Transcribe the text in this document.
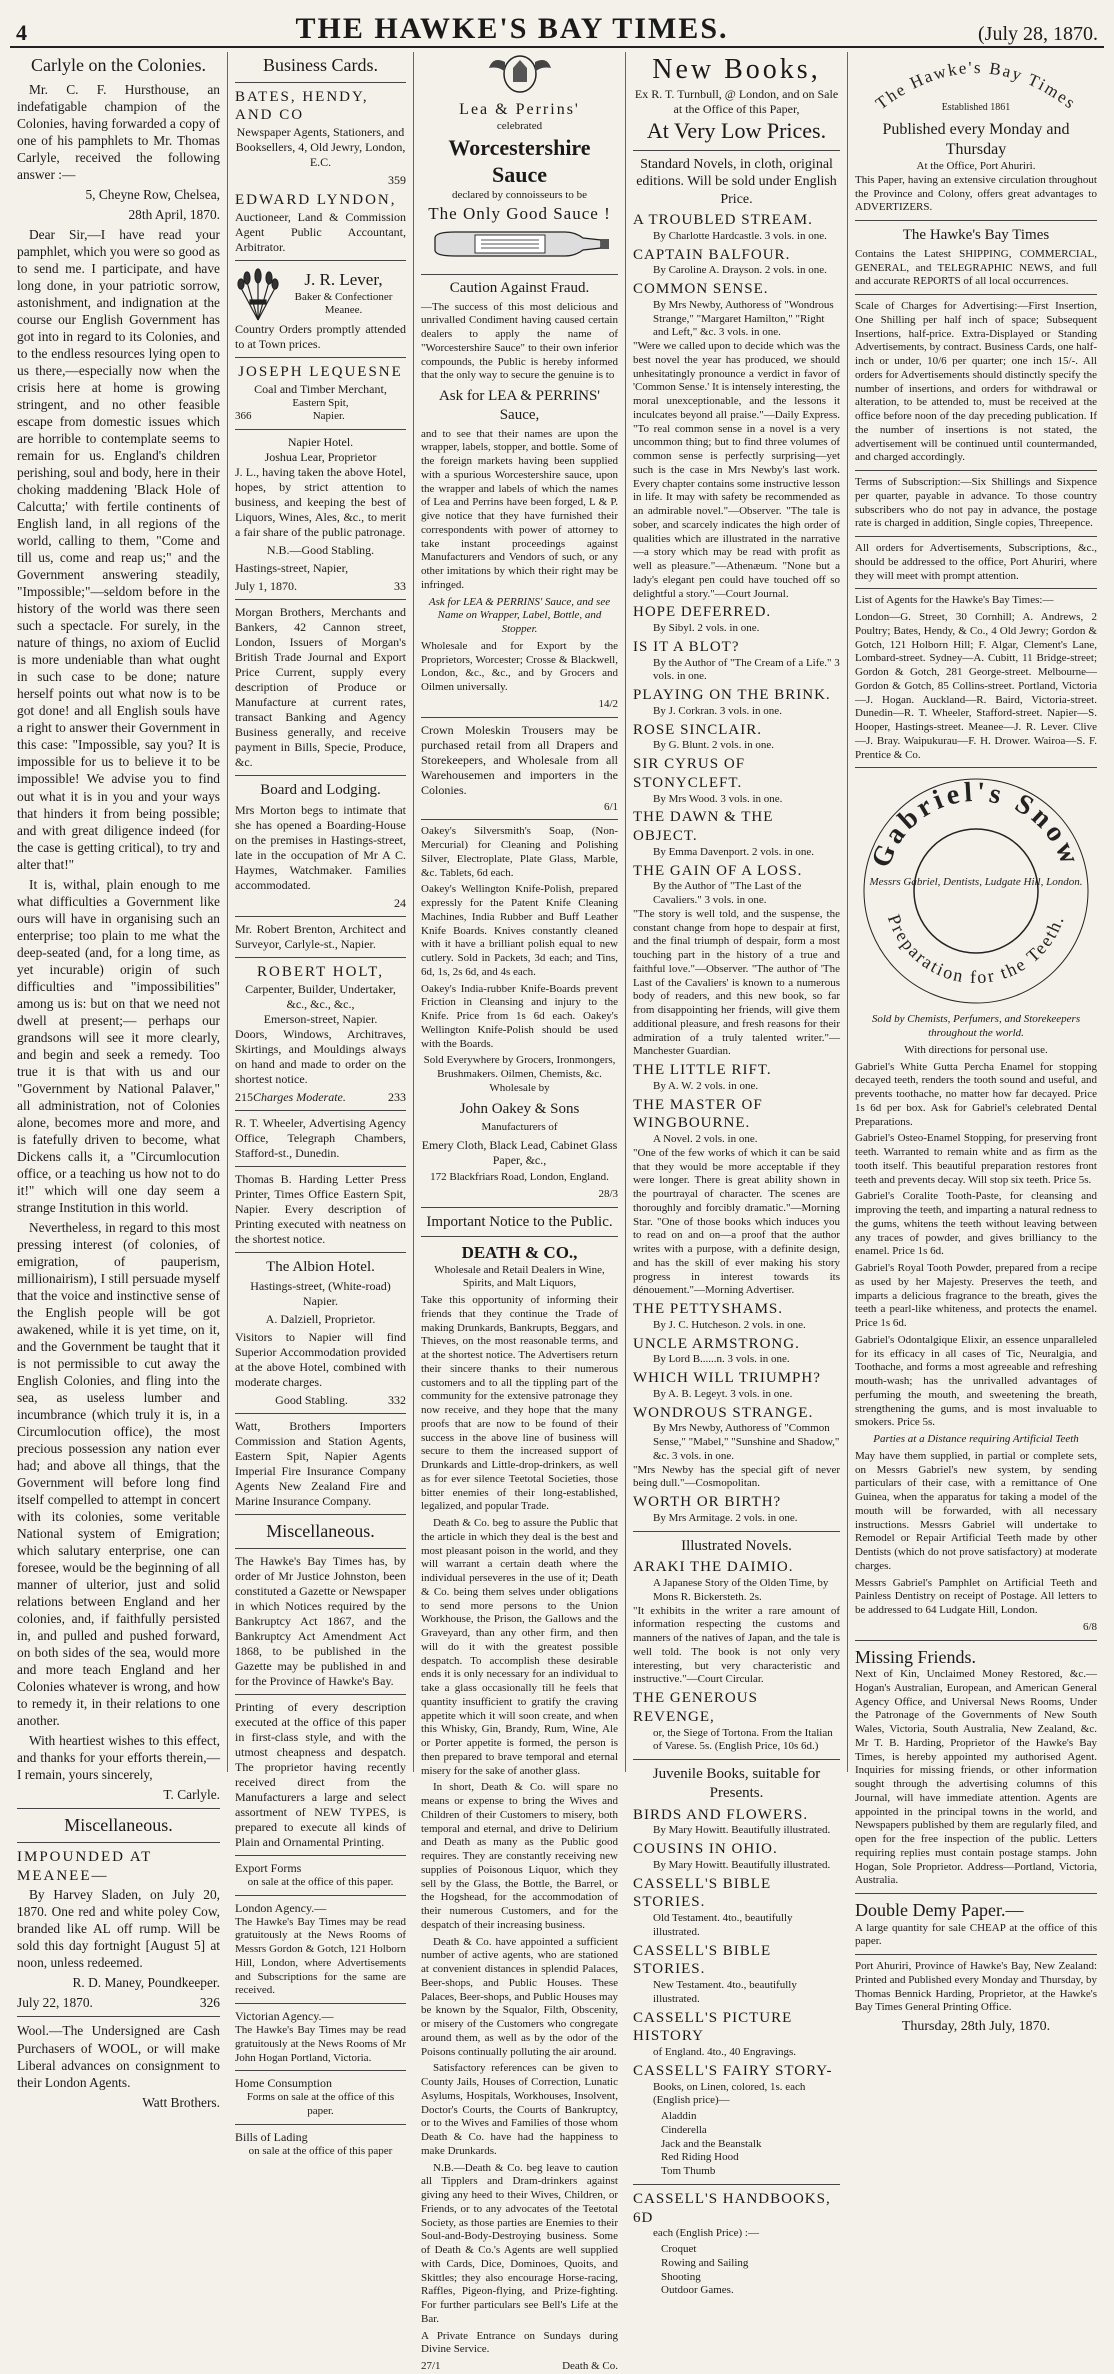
4	THE HAWKE'S BAY TIMES.	(July 28, 1870.
Carlyle on the Colonies.

Mr. C. F. Hursthouse, an indefatigable champion of the Colonies, having forwarded a copy of one of his pamphlets to Mr. Thomas Carlyle, received the following answer :—

5, Cheyne Row, Chelsea,

28th April, 1870.

Dear Sir,—I have read your pamphlet, which you were so good as to send me. I participate, and have long done, in your patriotic sorrow, astonishment, and indignation at the course our English Government has got into in regard to its Colonies, and to the endless resources lying open to us there,—especially now when the crisis here at home is growing stringent, and no other feasible escape from domestic issues which are horrible to contemplate seems to remain for us. England's children perishing, soul and body, here in their choking maddening 'Black Hole of Calcutta;' with fertile continents of English land, in all regions of the world, calling to them, "Come and till us, come and reap us;" and the Government answering steadily, "Impossible;"—seldom before in the history of the world was there seen such a spectacle. For surely, in the nature of things, no axiom of Euclid is more undeniable than what ought in such case to be done; nature herself points out what now is to be got done! and all English souls have a right to answer their Government in this case: "Impossible, say you? It is impossible for us to believe it to be impossible! We advise you to find out what it is in you and your ways that hinders it from being possible; and with great diligence indeed (for the case is getting critical), to try and alter that!"

It is, withal, plain enough to me what difficulties a Government like ours will have in organising such an enterprise; too plain to me what the deep-seated (and, for a long time, as yet incurable) origin of such difficulties and "impossibilities" among us is: but on that we need not dwell at present;— perhaps our grandsons will see it more clearly, and begin and seek a remedy. Too true it is that with us and our "Government by National Palaver," all administration, not of Colonies alone, becomes more and more, and is fatefully driven to become, what Dickens calls it, a "Circumlocution office, or a teaching us how not to do it!" which will one day seem a strange Institution in this world.

Nevertheless, in regard to this most pressing interest (of colonies, of emigration, of pauperism, millionairism), I still persuade myself that the voice and instinctive sense of the English people will be got awakened, while it is yet time, on it, and the Government be taught that it is not permissible to cut away the English Colonies, and fling into the sea, as useless lumber and incumbrance (which truly it is, in a Circumlocution office), the most precious possession any nation ever had; and above all things, that the Government will before long find itself compelled to attempt in concert with its colonies, some veritable National system of Emigration; which salutary enterprise, one can foresee, would be the beginning of all manner of ulterior, just and solid relations between England and her colonies, and, if faithfully persisted in, and pulled and pushed forward, on both sides of the sea, would more and more teach England and her Colonies whatever is wrong, and how to remedy it, in their relations to one another.

With heartiest wishes to this effect, and thanks for your efforts therein,—I remain, yours sincerely,

T. Carlyle.

Miscellaneous.
IMPOUNDED AT MEANEE—

By Harvey Sladen, on July 20, 1870. One red and white poley Cow, branded like AL off rump. Will be sold this day fortnight [August 5] at noon, unless redeemed.

R. D. Maney, Poundkeeper.

July 22, 1870.	326

Wool.—The Undersigned are Cash Purchasers of WOOL, or will make Liberal advances on consignment to their London Agents.

Watt Brothers.

Business Cards.
BATES, HENDY, AND CO

Newspaper Agents, Stationers, and Booksellers, 4, Old Jewry, London, E.C.

359

EDWARD LYNDON,

Auctioneer, Land & Commission Agent Public Accountant, Arbitrator.

J. R. Lever,
Baker & Confectioner
Meanee.

Country Orders promptly attended to at Town prices.

JOSEPH LEQUESNE
Coal and Timber Merchant,
Eastern Spit,
366	Napier.
Napier Hotel.
Joshua Lear, Proprietor

J. L., having taken the above Hotel, hopes, by strict attention to business, and keeping the best of Liquors, Wines, Ales, &c., to merit a fair share of the public patronage.

N.B.—Good Stabling.

Hastings-street, Napier,

July 1, 1870.	33

Morgan Brothers, Merchants and Bankers, 42 Cannon street, London, Issuers of Morgan's British Trade Journal and Export Price Current, supply every description of Produce or Manufacture at current rates, transact Banking and Agency Business generally, and receive payment in Bills, Specie, Produce, &c.

Board and Lodging.

Mrs Morton begs to intimate that she has opened a Boarding-House on the premises in Hastings-street, late in the occupation of Mr A C. Haymes, Watchmaker. Families accommodated.

24

Mr. Robert Brenton, Architect and Surveyor, Carlyle-st., Napier.

ROBERT HOLT,
Carpenter, Builder, Undertaker, &c., &c., &c.,
Emerson-street, Napier.

Doors, Windows, Architraves, Skirtings, and Mouldings always on hand and made to order on the shortest notice.

215 Charges Moderate.	233

R. T. Wheeler, Advertising Agency Office, Telegraph Chambers, Stafford-st., Dunedin.

Thomas B. Harding Letter Press Printer, Times Office Eastern Spit, Napier. Every description of Printing executed with neatness on the shortest notice.

The Albion Hotel.

Hastings-street, (White-road) Napier.

A. Dalziell, Proprietor.

Visitors to Napier will find Superior Accommodation provided at the above Hotel, combined with moderate charges.

Good Stabling.	332

Watt, Brothers Importers Commission and Station Agents, Eastern Spit, Napier Agents Imperial Fire Insurance Company Agents New Zealand Fire and Marine Insurance Company.

Miscellaneous.

The Hawke's Bay Times has, by order of Mr Justice Johnston, been constituted a Gazette or Newspaper in which Notices required by the Bankruptcy Act 1867, and the Bankruptcy Act Amendment Act 1868, to be published in the Gazette may be published in and for the Province of Hawke's Bay.

Printing of every description executed at the office of this paper in first-class style, and with the utmost cheapness and despatch. The proprietor having recently received direct from the Manufacturers a large and select assortment of NEW TYPES, is prepared to execute all kinds of Plain and Ornamental Printing.

Export Forms

on sale at the office of this paper.

London Agency.—

The Hawke's Bay Times may be read gratuitously at the News Rooms of Messrs Gordon & Gotch, 121 Holborn Hill, London, where Advertisements and Subscriptions for the same are received.

Victorian Agency.—

The Hawke's Bay Times may be read gratuitously at the News Rooms of Mr John Hogan Portland, Victoria.

Home Consumption

Forms on sale at the office of this paper.

Bills of Lading

on sale at the office of this paper

Lea & Perrins'
celebrated
Worcestershire Sauce
declared by connoisseurs to be
The Only Good Sauce !
Caution Against Fraud.

—The success of this most delicious and unrivalled Condiment having caused certain dealers to apply the name of "Worcestershire Sauce" to their own inferior compounds, the Public is hereby informed that the only way to secure the genuine is to

Ask for LEA & PERRINS' Sauce,

and to see that their names are upon the wrapper, labels, stopper, and bottle. Some of the foreign markets having been supplied with a spurious Worcestershire sauce, upon the wrapper and labels of which the names of Lea and Perrins have been forged, L & P. give notice that they have furnished their correspondents with power of attorney to take instant proceedings against Manufacturers and Vendors of such, or any other imitations by which their right may be infringed.

Ask for LEA & PERRINS' Sauce, and see Name on Wrapper, Label, Bottle, and Stopper.

Wholesale and for Export by the Proprietors, Worcester; Crosse & Blackwell, London, &c., &c., and by Grocers and Oilmen universally.

14/2

Crown Moleskin Trousers may be purchased retail from all Drapers and Storekeepers, and Wholesale from all Warehousemen and importers in the Colonies.

6/1

Oakey's Silversmith's Soap, (Non-Mercurial) for Cleaning and Polishing Silver, Electroplate, Plate Glass, Marble, &c. Tablets, 6d each.

Oakey's Wellington Knife-Polish, prepared expressly for the Patent Knife Cleaning Machines, India Rubber and Buff Leather Knife Boards. Knives constantly cleaned with it have a brilliant polish equal to new cutlery. Sold in Packets, 3d each; and Tins, 6d, 1s, 2s 6d, and 4s each.

Oakey's India-rubber Knife-Boards prevent Friction in Cleansing and injury to the Knife. Price from 1s 6d each. Oakey's Wellington Knife-Polish should be used with the Boards.

Sold Everywhere by Grocers, Ironmongers, Brushmakers. Oilmen, Chemists, &c. Wholesale by

John Oakey & Sons

Manufacturers of

Emery Cloth, Black Lead, Cabinet Glass Paper, &c.,

172 Blackfriars Road, London, England.

28/3

Important Notice to the Public.
DEATH & CO.,

Wholesale and Retail Dealers in Wine, Spirits, and Malt Liquors,

Take this opportunity of informing their friends that they continue the Trade of making Drunkards, Bankrupts, Beggars, and Thieves, on the most reasonable terms, and at the shortest notice. The Advertisers return their sincere thanks to their numerous customers and to all the tippling part of the community for the extensive patronage they now receive, and they hope that the many proofs that are now to be found of their success in the above line of business will secure to them the increased support of Drunkards and Little-drop-drinkers, as well as for ever silence Teetotal Societies, those bitter enemies of their long-established, legalized, and popular Trade.

Death & Co. beg to assure the Public that the article in which they deal is the best and most pleasant poison in the world, and they will warrant a certain death where the individual perseveres in the use of it; Death & Co. being them selves under obligations to send more persons to the Union Workhouse, the Prison, the Gallows and the Graveyard, than any other firm, and then will do it with the greatest possible despatch. To accomplish these desirable ends it is only necessary for an individual to take a glass occasionally till he feels that quantity insufficient to gratify the craving appetite which it will soon create, and when this Whisky, Gin, Brandy, Rum, Wine, Ale or Porter appetite is formed, the person is then prepared to brave temporal and eternal misery for the sake of another glass.

In short, Death & Co. will spare no means or expense to bring the Wives and Children of their Customers to misery, both temporal and eternal, and drive to Delirium and Death as many as the Public good requires. They are constantly receiving new supplies of Poisonous Liquor, which they sell by the Glass, the Bottle, the Barrel, or the Hogshead, for the accommodation of their numerous Customers, and for the despatch of their increasing business.

Death & Co. have appointed a sufficient number of active agents, who are stationed at convenient distances in splendid Palaces, Beer-shops, and Public Houses. These Palaces, Beer-shops, and Public Houses may be known by the Squalor, Filth, Obscenity, or misery of the Customers who congregate around them, as well as by the odor of the Poisons continually polluting the air around.

Satisfactory references can be given to County Jails, Houses of Correction, Lunatic Asylums, Hospitals, Workhouses, Insolvent, Doctor's Courts, the Courts of Bankruptcy, or to the Wives and Families of those whom Death & Co. have had the happiness to make Drunkards.

N.B.—Death & Co. beg leave to caution all Tipplers and Dram-drinkers against giving any heed to their Wives, Children, or Friends, or to any advocates of the Teetotal Society, as those parties are Enemies to their Soul-and-Body-Destroying business. Some of Death & Co.'s Agents are well supplied with Cards, Dice, Dominoes, Quoits, and Skittles; they also encourage Horse-racing, Raffles, Pigeon-flying, and Prize-fighting. For further particulars see Bell's Life at the Bar.

A Private Entrance on Sundays during Divine Service.

27/1	Death & Co.

New Books,
Ex R. T. Turnbull, @ London, and on Sale at the Office of this Paper,
At Very Low Prices.

Standard Novels, in cloth, original editions. Will be sold under English Price.

A TROUBLED STREAM.
By Charlotte Hardcastle. 3 vols. in one.
CAPTAIN BALFOUR.
By Caroline A. Drayson. 2 vols. in one.
COMMON SENSE.
By Mrs Newby, Authoress of "Wondrous Strange," "Margaret Hamilton," "Right and Left," &c. 3 vols. in one.
"Were we called upon to decide which was the best novel the year has produced, we should unhesitatingly pronounce a verdict in favor of 'Common Sense.' It is intensely interesting, the moral unexceptionable, and the lessons it inculcates beyond all praise."—Daily Express. "To real common sense in a novel is a very uncommon thing; but to find three volumes of common sense is perfectly surprising—yet such is the case in Mrs Newby's last work. Every chapter contains some instructive lesson in life. It may with safety be recommended as an admirable novel."—Observer. "The tale is sober, and scarcely indicates the high order of qualities which are illustrated in the narrative—a story which may be read with profit as well as pleasure."—Athenæum. "None but a lady's elegant pen could have touched off so delightful a story."—Court Journal.
HOPE DEFERRED.
By Sibyl. 2 vols. in one.
IS IT A BLOT?
By the Author of "The Cream of a Life." 3 vols. in one.
PLAYING ON THE BRINK.
By J. Corkran. 3 vols. in one.
ROSE SINCLAIR.
By G. Blunt. 2 vols. in one.
SIR CYRUS OF STONYCLEFT.
By Mrs Wood. 3 vols. in one.
THE DAWN & THE OBJECT.
By Emma Davenport. 2 vols. in one.
THE GAIN OF A LOSS.
By the Author of "The Last of the Cavaliers." 3 vols. in one.
"The story is well told, and the suspense, the constant change from hope to despair at first, and the final triumph of despair, form a most touching part in the history of a true and faithful love."—Observer. "The author of 'The Last of the Cavaliers' is known to a numerous body of readers, and this new book, so far from disappointing her friends, will give them additional pleasure, and fresh reasons for their admiration of a truly talented writer."—Manchester Guardian.
THE LITTLE RIFT.
By A. W. 2 vols. in one.
THE MASTER OF WINGBOURNE.
A Novel. 2 vols. in one.
"One of the few works of which it can be said that they would be more acceptable if they were longer. There is great ability shown in the pourtrayal of character. The scenes are thoroughly and forcibly dramatic."—Morning Star. "One of those books which induces you to read on and on—a proof that the author writes with a purpose, with a definite design, and has the skill of ever making his story progress in interest towards its dénouement."—Morning Advertiser.
THE PETTYSHAMS.
By J. C. Hutcheson. 2 vols. in one.
UNCLE ARMSTRONG.
By Lord B......n. 3 vols. in one.
WHICH WILL TRIUMPH?
By A. B. Legeyt. 3 vols. in one.
WONDROUS STRANGE.
By Mrs Newby, Authoress of "Common Sense," "Mabel," "Sunshine and Shadow," &c. 3 vols. in one.
"Mrs Newby has the special gift of never being dull."—Cosmopolitan.
WORTH OR BIRTH?
By Mrs Armitage. 2 vols. in one.
Illustrated Novels.
ARAKI THE DAIMIO.
A Japanese Story of the Olden Time, by Mons R. Bickersteth. 2s.
"It exhibits in the writer a rare amount of information respecting the customs and manners of the natives of Japan, and the tale is well told. The book is not only very interesting, but very characteristic and instructive."—Court Circular.
THE GENEROUS REVENGE,
or, the Siege of Tortona. From the Italian of Varese. 5s. (English Price, 10s 6d.)
Juvenile Books, suitable for Presents.
BIRDS AND FLOWERS.
By Mary Howitt. Beautifully illustrated.
COUSINS IN OHIO.
By Mary Howitt. Beautifully illustrated.
CASSELL'S BIBLE STORIES.
Old Testament. 4to., beautifully illustrated.
CASSELL'S BIBLE STORIES.
New Testament. 4to., beautifully illustrated.
CASSELL'S PICTURE HISTORY
of England. 4to., 40 Engravings.
CASSELL'S FAIRY STORY-
Books, on Linen, colored, 1s. each (English price)—
Aladdin
Cinderella
Jack and the Beanstalk
Red Riding Hood
Tom Thumb
CASSELL'S HANDBOOKS, 6D
each (English Price) :—
Croquet
Rowing and Sailing
Shooting
Outdoor Games.
The Hawke's Bay Times
Established 1861
Published every Monday and Thursday
At the Office, Port Ahuriri.

This Paper, having an extensive circulation throughout the Province and Colony, offers great advantages to ADVERTIZERS.

The Hawke's Bay Times

Contains the Latest SHIPPING, COMMERCIAL, GENERAL, and TELEGRAPHIC NEWS, and full and accurate REPORTS of all local occurrences.

Scale of Charges for Advertising:—First Insertion, One Shilling per half inch of space; Subsequent Insertions, half-price. Extra-Displayed or Standing Advertisements, by contract. Business Cards, one half-inch or under, 10/6 per quarter; one inch 15/-. All orders for Advertisements should distinctly specify the number of insertions, and orders for withdrawal or alteration, to be attended to, must be received at the office before noon of the day preceding publication. If the number of insertions is not stated, the advertisement will be continued until countermanded, and charged accordingly.

Terms of Subscription:—Six Shillings and Sixpence per quarter, payable in advance. To those country subscribers who do not pay in advance, the postage rate is charged in addition, Single copies, Threepence.

All orders for Advertisements, Subscriptions, &c., should be addressed to the office, Port Ahuriri, where they will meet with prompt attention.

List of Agents for the Hawke's Bay Times:—

London—G. Street, 30 Cornhill; A. Andrews, 2 Poultry; Bates, Hendy, & Co., 4 Old Jewry; Gordon & Gotch, 121 Holborn Hill; F. Algar, Clement's Lane, Lombard-street. Sydney—A. Cubitt, 11 Bridge-street; Gordon & Gotch, 281 George-street. Melbourne—Gordon & Gotch, 85 Collins-street. Portland, Victoria—J. Hogan. Auckland—R. Baird, Victoria-street. Dunedin—R. T. Wheeler, Stafford-street. Napier—S. Hooper, Hastings-street. Meanee—J. R. Lever. Clive—J. Bray. Waipukurau—F. H. Drower. Wairoa—S. F. Prentice & Co.

Gabriel's Snow
Preparation for the Teeth.
Messrs Gabriel, Dentists, Ludgate Hill, London.

Sold by Chemists, Perfumers, and Storekeepers throughout the world.

With directions for personal use.

Gabriel's White Gutta Percha Enamel for stopping decayed teeth, renders the tooth sound and useful, and prevents toothache, no matter how far decayed. Price 1s 6d per box. Ask for Gabriel's celebrated Dental Preparations.

Gabriel's Osteo-Enamel Stopping, for preserving front teeth. Warranted to remain white and as firm as the tooth itself. This beautiful preparation restores front teeth and prevents decay. Will stop six teeth. Price 5s.

Gabriel's Coralite Tooth-Paste, for cleansing and improving the teeth, and imparting a natural redness to the gums, whitens the teeth without leaving between any traces of powder, and gives brilliancy to the enamel. Price 1s 6d.

Gabriel's Royal Tooth Powder, prepared from a recipe as used by her Majesty. Preserves the teeth, and imparts a delicious fragrance to the breath, gives the teeth a pearl-like whiteness, and protects the enamel. Price 1s 6d.

Gabriel's Odontalgique Elixir, an essence unparalleled for its efficacy in all cases of Tic, Neuralgia, and Toothache, and forms a most agreeable and refreshing mouth-wash; has the unrivalled advantages of perfuming the mouth, and sweetening the breath, strengthening the gums, and is most invaluable to smokers. Price 5s.

Parties at a Distance requiring Artificial Teeth

May have them supplied, in partial or complete sets, on Messrs Gabriel's new system, by sending particulars of their case, with a remittance of One Guinea, when the apparatus for taking a model of the mouth will be forwarded, with all necessary instructions. Messrs Gabriel will undertake to Remodel or Repair Artificial Teeth made by other Dentists (which do not prove satisfactory) at moderate charges.

Messrs Gabriel's Pamphlet on Artificial Teeth and Painless Dentistry on receipt of Postage. All letters to be addressed to 64 Ludgate Hill, London.

6/8

Missing Friends.

Next of Kin, Unclaimed Money Restored, &c.—Hogan's Australian, European, and American General Agency Office, and Universal News Rooms, Under the Patronage of the Governments of New South Wales, Victoria, South Australia, New Zealand, &c. Mr T. B. Harding, Proprietor of the Hawke's Bay Times, is hereby appointed my authorised Agent. Inquiries for missing friends, or other information sought through the advertising columns of this Journal, will have immediate attention. Agents are appointed in the principal towns in the world, and Newspapers published by them are regularly filed, and open for the free inspection of the public. Letters requiring replies must contain postage stamps. John Hogan, Sole Proprietor. Address—Portland, Victoria, Australia.

Double Demy Paper.—

A large quantity for sale CHEAP at the office of this paper.

Port Ahuriri, Province of Hawke's Bay, New Zealand: Printed and Published every Monday and Thursday, by Thomas Bennick Harding, Proprietor, at the Hawke's Bay Times General Printing Office.

Thursday, 28th July, 1870.
